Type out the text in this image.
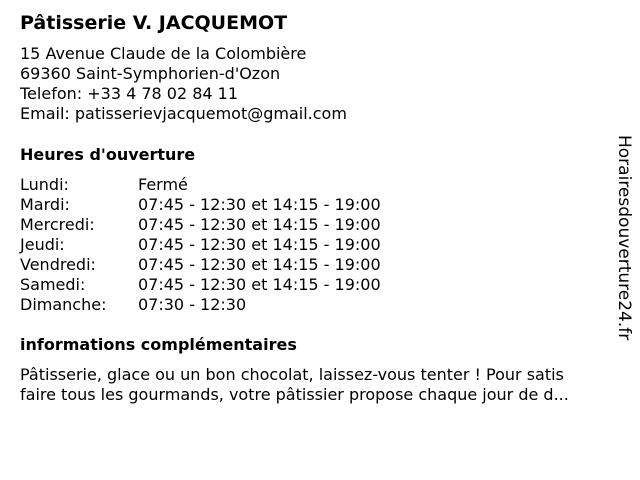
Pâtisserie V. JACQUEMOT
15 Avenue Claude de la Colombière
69360 Saint-Symphorien-d'Ozon
Telefon: +33 4 78 02 84 11
Email: patisserievjacquemot@gmail.com
Heures d'ouverture
Lundi:	Fermé
Mardi:	07:45 - 12:30 et 14:15 - 19:00
Mercredi:	07:45 - 12:30 et 14:15 - 19:00
Jeudi:	07:45 - 12:30 et 14:15 - 19:00
Vendredi:	07:45 - 12:30 et 14:15 - 19:00
Samedi:	07:45 - 12:30 et 14:15 - 19:00
Dimanche:	07:30 - 12:30
informations complémentaires
Pâtisserie, glace ou un bon chocolat, laissez-vous tenter ! Pour satis
faire tous les gourmands, votre pâtissier propose chaque jour de d...
Horairesdouverture24.fr
